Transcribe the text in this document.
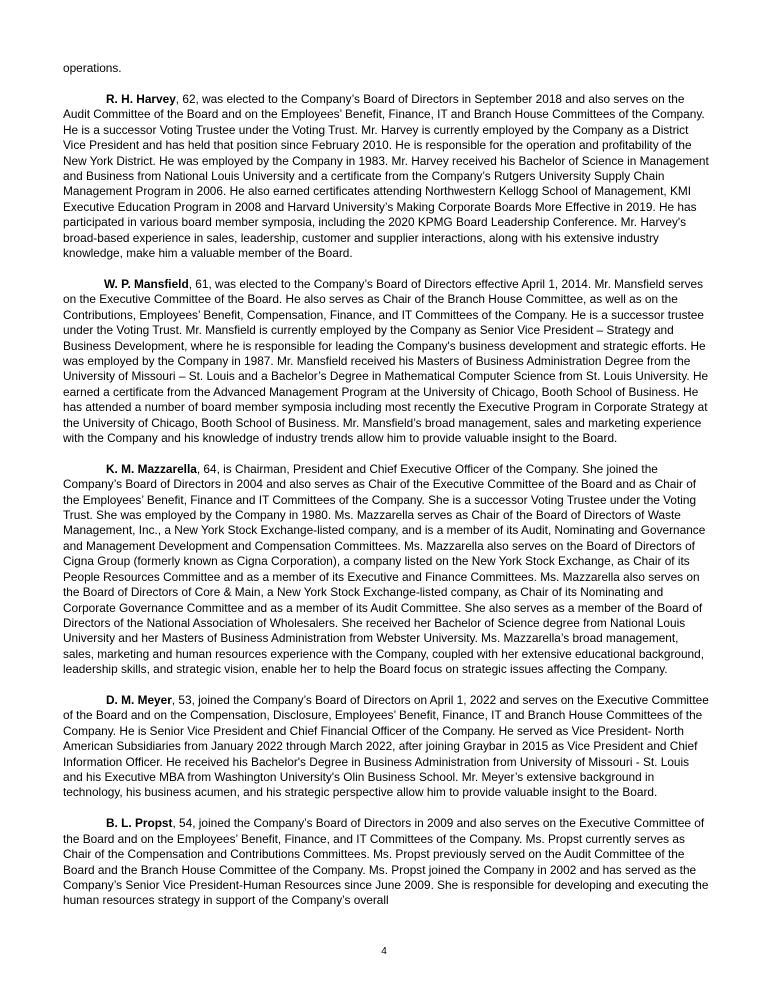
operations.

R. H. Harvey, 62, was elected to the Company’s Board of Directors in September 2018 and also serves on the Audit Committee of the Board and on the Employees’ Benefit, Finance, IT and Branch House Committees of the Company. He is a successor Voting Trustee under the Voting Trust. Mr. Harvey is currently employed by the Company as a District Vice President and has held that position since February 2010. He is responsible for the operation and profitability of the New York District. He was employed by the Company in 1983. Mr. Harvey received his Bachelor of Science in Management and Business from National Louis University and a certificate from the Company’s Rutgers University Supply Chain Management Program in 2006. He also earned certificates attending Northwestern Kellogg School of Management, KMI Executive Education Program in 2008 and Harvard University’s Making Corporate Boards More Effective in 2019. He has participated in various board member symposia, including the 2020 KPMG Board Leadership Conference. Mr. Harvey's broad-based experience in sales, leadership, customer and supplier interactions, along with his extensive industry knowledge, make him a valuable member of the Board.

W. P. Mansfield, 61, was elected to the Company’s Board of Directors effective April 1, 2014. Mr. Mansfield serves on the Executive Committee of the Board. He also serves as Chair of the Branch House Committee, as well as on the Contributions, Employees’ Benefit, Compensation, Finance, and IT Committees of the Company. He is a successor trustee under the Voting Trust. Mr. Mansfield is currently employed by the Company as Senior Vice President – Strategy and Business Development, where he is responsible for leading the Company's business development and strategic efforts. He was employed by the Company in 1987. Mr. Mansfield received his Masters of Business Administration Degree from the University of Missouri – St. Louis and a Bachelor’s Degree in Mathematical Computer Science from St. Louis University. He earned a certificate from the Advanced Management Program at the University of Chicago, Booth School of Business. He has attended a number of board member symposia including most recently the Executive Program in Corporate Strategy at the University of Chicago, Booth School of Business. Mr. Mansfield’s broad management, sales and marketing experience with the Company and his knowledge of industry trends allow him to provide valuable insight to the Board.

K. M. Mazzarella, 64, is Chairman, President and Chief Executive Officer of the Company. She joined the Company’s Board of Directors in 2004 and also serves as Chair of the Executive Committee of the Board and as Chair of the Employees’ Benefit, Finance and IT Committees of the Company. She is a successor Voting Trustee under the Voting Trust. She was employed by the Company in 1980. Ms. Mazzarella serves as Chair of the Board of Directors of Waste Management, Inc., a New York Stock Exchange-listed company, and is a member of its Audit, Nominating and Governance and Management Development and Compensation Committees. Ms. Mazzarella also serves on the Board of Directors of Cigna Group (formerly known as Cigna Corporation), a company listed on the New York Stock Exchange, as Chair of its People Resources Committee and as a member of its Executive and Finance Committees. Ms. Mazzarella also serves on the Board of Directors of Core & Main, a New York Stock Exchange-listed company, as Chair of its Nominating and Corporate Governance Committee and as a member of its Audit Committee. She also serves as a member of the Board of Directors of the National Association of Wholesalers. She received her Bachelor of Science degree from National Louis University and her Masters of Business Administration from Webster University. Ms. Mazzarella’s broad management, sales, marketing and human resources experience with the Company, coupled with her extensive educational background, leadership skills, and strategic vision, enable her to help the Board focus on strategic issues affecting the Company.

D. M. Meyer, 53, joined the Company’s Board of Directors on April 1, 2022 and serves on the Executive Committee of the Board and on the Compensation, Disclosure, Employees’ Benefit, Finance, IT and Branch House Committees of the Company. He is Senior Vice President and Chief Financial Officer of the Company. He served as Vice President- North American Subsidiaries from January 2022 through March 2022, after joining Graybar in 2015 as Vice President and Chief Information Officer. He received his Bachelor's Degree in Business Administration from University of Missouri - St. Louis and his Executive MBA from Washington University's Olin Business School. Mr. Meyer’s extensive background in technology, his business acumen, and his strategic perspective allow him to provide valuable insight to the Board.

B. L. Propst, 54, joined the Company’s Board of Directors in 2009 and also serves on the Executive Committee of the Board and on the Employees’ Benefit, Finance, and IT Committees of the Company. Ms. Propst currently serves as Chair of the Compensation and Contributions Committees. Ms. Propst previously served on the Audit Committee of the Board and the Branch House Committee of the Company. Ms. Propst joined the Company in 2002 and has served as the Company’s Senior Vice President-Human Resources since June 2009. She is responsible for developing and executing the human resources strategy in support of the Company’s overall

4
